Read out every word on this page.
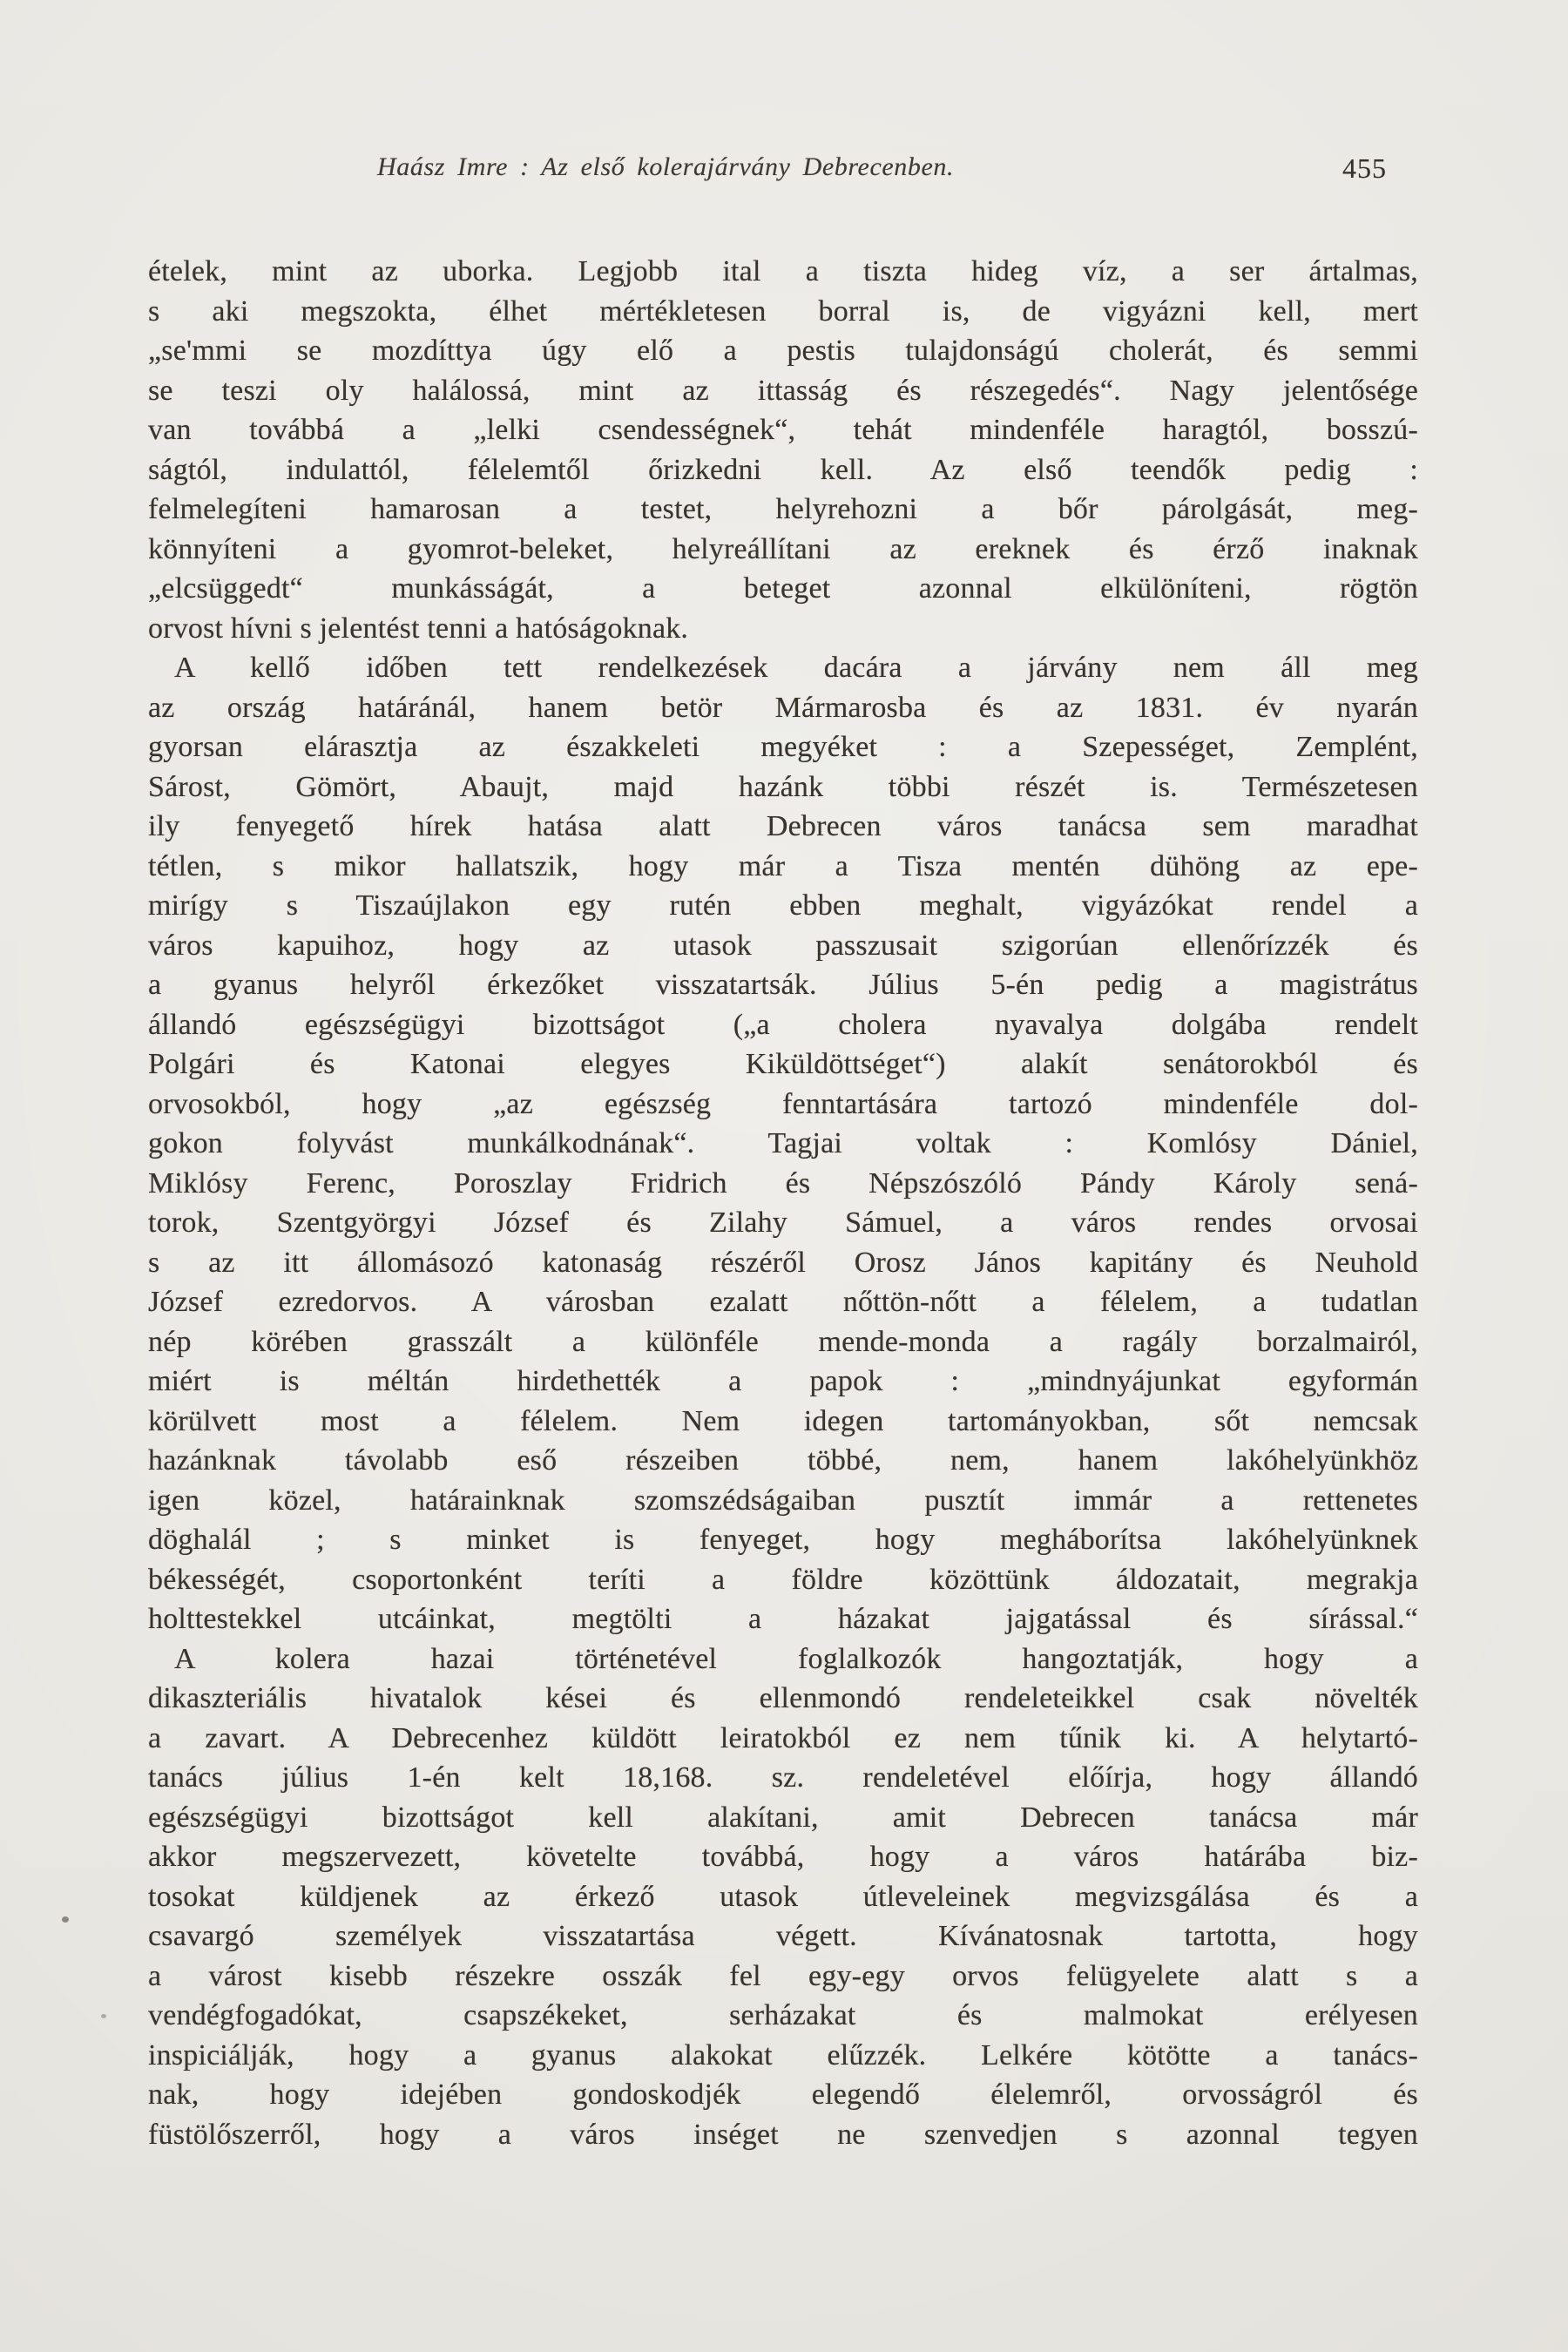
Haász Imre : Az első kolerajárvány Debrecenben.	455
ételek, mint az uborka. Legjobb ital a tiszta hideg víz, a ser ártalmas,
s aki megszokta, élhet mértékletesen borral is, de vigyázni kell, mert
„se'mmi se mozdíttya úgy elő a pestis tulajdonságú cholerát, és semmi
se teszi oly halálossá, mint az ittasság és részegedés“. Nagy jelentősége
van továbbá a „lelki csendességnek“, tehát mindenféle haragtól, bosszú-
ságtól, indulattól, félelemtől őrizkedni kell. Az első teendők pedig :
felmelegíteni hamarosan a testet, helyrehozni a bőr párolgását, meg-
könnyíteni a gyomrot-beleket, helyreállítani az ereknek és érző inaknak
„elcsüggedt“ munkásságát, a beteget azonnal elkülöníteni, rögtön
orvost hívni s jelentést tenni a hatóságoknak.
A kellő időben tett rendelkezések dacára a járvány nem áll meg
az ország határánál, hanem betör Mármarosba és az 1831. év nyarán
gyorsan elárasztja az északkeleti megyéket : a Szepességet, Zemplént,
Sárost, Gömört, Abaujt, majd hazánk többi részét is. Természetesen
ily fenyegető hírek hatása alatt Debrecen város tanácsa sem maradhat
tétlen, s mikor hallatszik, hogy már a Tisza mentén dühöng az epe-
mirígy s Tiszaújlakon egy rutén ebben meghalt, vigyázókat rendel a
város kapuihoz, hogy az utasok passzusait szigorúan ellenőrízzék és
a gyanus helyről érkezőket visszatartsák. Július 5-én pedig a magistrátus
állandó egészségügyi bizottságot („a cholera nyavalya dolgába rendelt
Polgári és Katonai elegyes Kiküldöttséget“) alakít senátorokból és
orvosokból, hogy „az egészség fenntartására tartozó mindenféle dol-
gokon folyvást munkálkodnának“. Tagjai voltak : Komlósy Dániel,
Miklósy Ferenc, Poroszlay Fridrich és Népszószóló Pándy Károly sená-
torok, Szentgyörgyi József és Zilahy Sámuel, a város rendes orvosai
s az itt állomásozó katonaság részéről Orosz János kapitány és Neuhold
József ezredorvos. A városban ezalatt nőttön-nőtt a félelem, a tudatlan
nép körében grasszált a különféle mende-monda a ragály borzalmairól,
miért is méltán hirdethették a papok : „mindnyájunkat egyformán
körülvett most a félelem. Nem idegen tartományokban, sőt nemcsak
hazánknak távolabb eső részeiben többé, nem, hanem lakóhelyünkhöz
igen közel, határainknak szomszédságaiban pusztít immár a rettenetes
döghalál ; s minket is fenyeget, hogy megháborítsa lakóhelyünknek
békességét, csoportonként teríti a földre közöttünk áldozatait, megrakja
holttestekkel utcáinkat, megtölti a házakat jajgatással és sírással.“
A kolera hazai történetével foglalkozók hangoztatják, hogy a
dikaszteriális hivatalok kései és ellenmondó rendeleteikkel csak növelték
a zavart. A Debrecenhez küldött leiratokból ez nem tűnik ki. A helytartó-
tanács július 1-én kelt 18,168. sz. rendeletével előírja, hogy állandó
egészségügyi bizottságot kell alakítani, amit Debrecen tanácsa már
akkor megszervezett, követelte továbbá, hogy a város határába biz-
tosokat küldjenek az érkező utasok útleveleinek megvizsgálása és a
csavargó személyek visszatartása végett. Kívánatosnak tartotta, hogy
a várost kisebb részekre osszák fel egy-egy orvos felügyelete alatt s a
vendégfogadókat, csapszékeket, serházakat és malmokat erélyesen
inspiciálják, hogy a gyanus alakokat elűzzék. Lelkére kötötte a tanács-
nak, hogy idejében gondoskodjék elegendő élelemről, orvosságról és
füstölőszerről, hogy a város inséget ne szenvedjen s azonnal tegyen
